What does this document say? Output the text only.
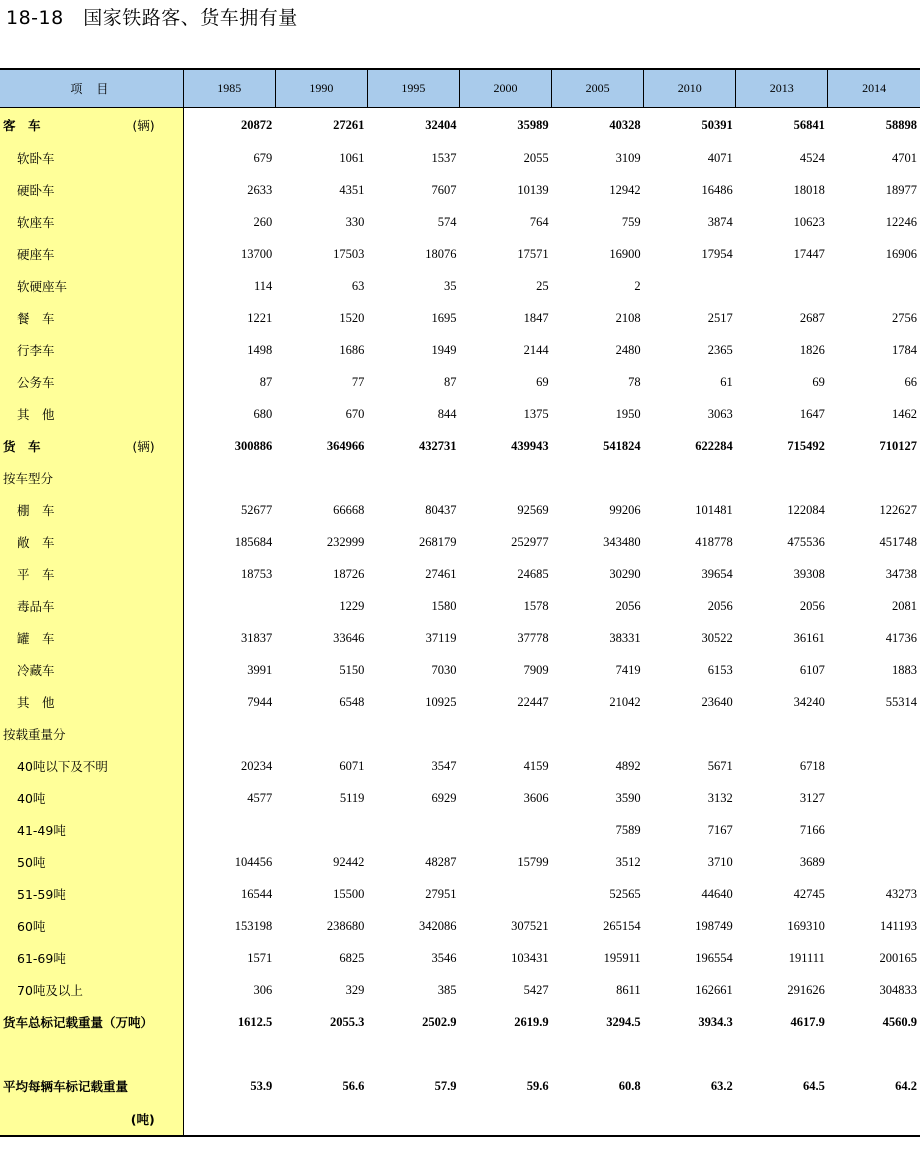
18-18　国家铁路客、货车拥有量
项目	1985	1990	1995	2000	2005	2010	2013	2014

客　车 (辆)	20872	27261	32404	35989	40328	50391	56841	58898

软卧车	679	1061	1537	2055	3109	4071	4524	4701

硬卧车	2633	4351	7607	10139	12942	16486	18018	18977

软座车	260	330	574	764	759	3874	10623	12246

硬座车	13700	17503	18076	17571	16900	17954	17447	16906

软硬座车	114	63	35	25	2			

餐　车	1221	1520	1695	1847	2108	2517	2687	2756

行李车	1498	1686	1949	2144	2480	2365	1826	1784

公务车	87	77	87	69	78	61	69	66

其　他	680	670	844	1375	1950	3063	1647	1462

货　车 (辆)	300886	364966	432731	439943	541824	622284	715492	710127

按车型分								

棚　车	52677	66668	80437	92569	99206	101481	122084	122627

敞　车	185684	232999	268179	252977	343480	418778	475536	451748

平　车	18753	18726	27461	24685	30290	39654	39308	34738

毒品车		1229	1580	1578	2056	2056	2056	2081

罐　车	31837	33646	37119	37778	38331	30522	36161	41736

冷藏车	3991	5150	7030	7909	7419	6153	6107	1883

其　他	7944	6548	10925	22447	21042	23640	34240	55314

按载重量分								

40吨以下及不明	20234	6071	3547	4159	4892	5671	6718	

40吨	4577	5119	6929	3606	3590	3132	3127	

41-49吨					7589	7167	7166	

50吨	104456	92442	48287	15799	3512	3710	3689	

51-59吨	16544	15500	27951		52565	44640	42745	43273

60吨	153198	238680	342086	307521	265154	198749	169310	141193

61-69吨	1571	6825	3546	103431	195911	196554	191111	200165

70吨及以上	306	329	385	5427	8611	162661	291626	304833

货车总标记载重量（万吨）	1612.5	2055.3	2502.9	2619.9	3294.5	3934.3	4617.9	4560.9

平均每辆车标记载重量	53.9	56.6	57.9	59.6	60.8	63.2	64.5	64.2

(吨)								
